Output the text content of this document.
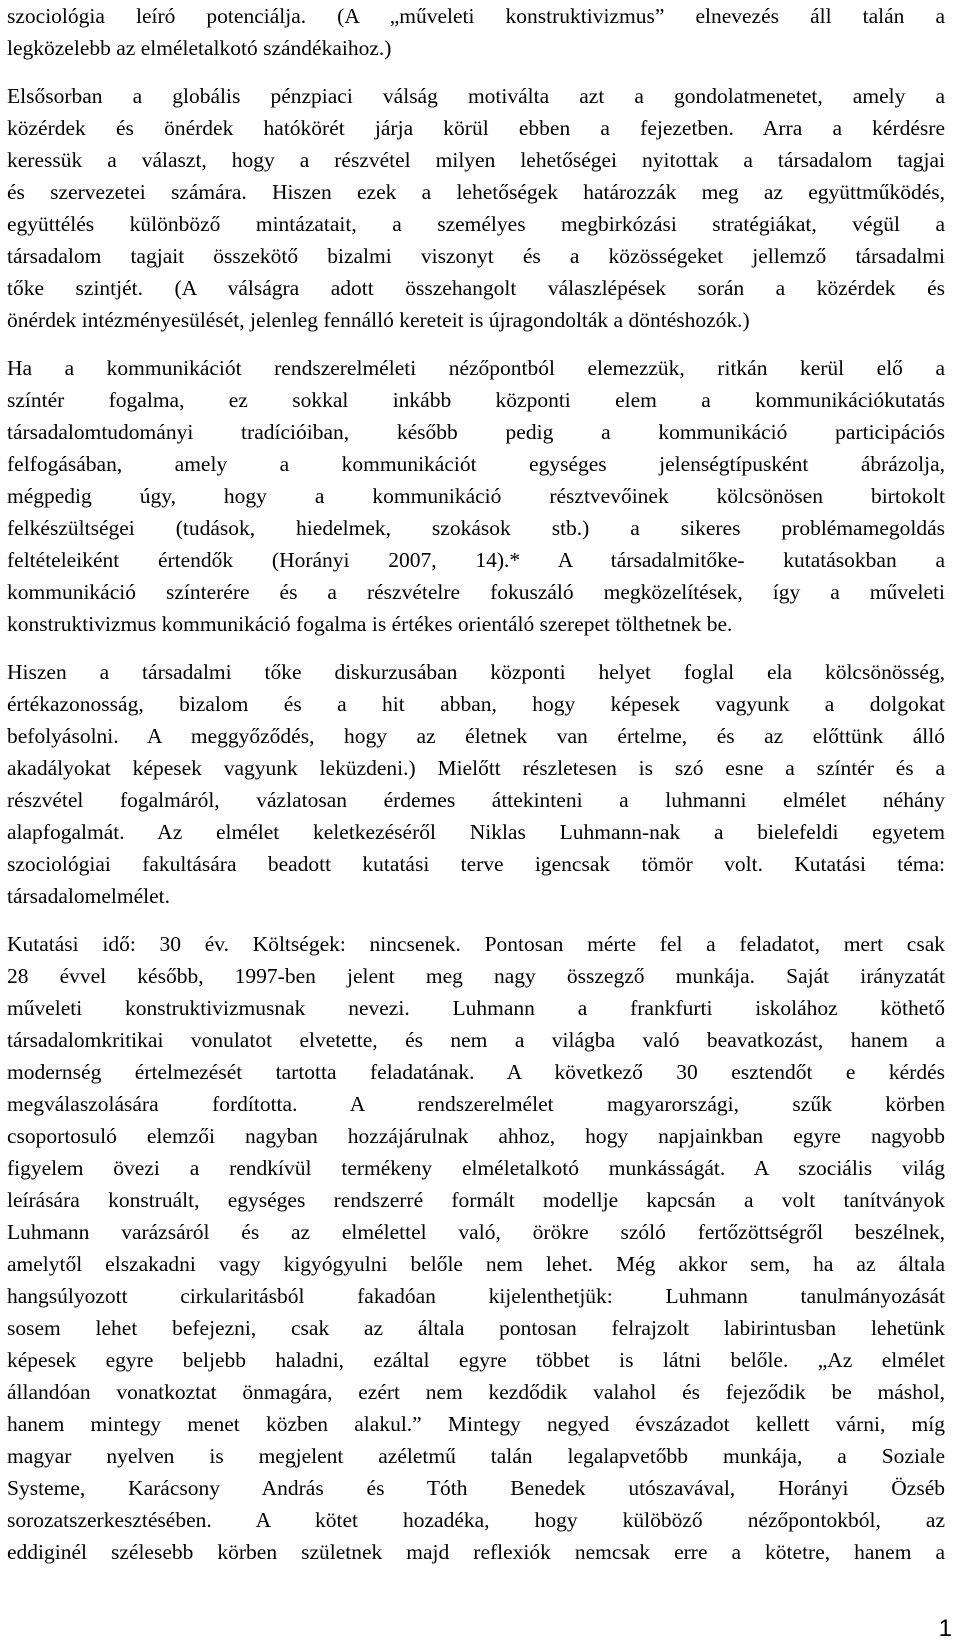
szociológia leíró potenciálja. (A „műveleti konstruktivizmus” elnevezés áll talán a
legközelebb az elméletalkotó szándékaihoz.)

Elsősorban a globális pénzpiaci válság motiválta azt a gondolatmenetet, amely a
közérdek és önérdek hatókörét járja körül ebben a fejezetben. Arra a kérdésre
keressük a választ, hogy a részvétel milyen lehetőségei nyitottak a társadalom tagjai
és szervezetei számára. Hiszen ezek a lehetőségek határozzák meg az együttműködés,
együttélés különböző mintázatait, a személyes megbirkózási stratégiákat, végül a
társadalom tagjait összekötő bizalmi viszonyt és a közösségeket jellemző társadalmi
tőke szintjét. (A válságra adott összehangolt válaszlépések során a közérdek és
önérdek intézményesülését, jelenleg fennálló kereteit is újragondolták a döntéshozók.)

Ha a kommunikációt rendszerelméleti nézőpontból elemezzük, ritkán kerül elő a
színtér fogalma, ez sokkal inkább központi elem a kommunikációkutatás
társadalomtudományi tradícióiban, később pedig a kommunikáció participációs
felfogásában, amely a kommunikációt egységes jelenségtípusként ábrázolja,
mégpedig úgy, hogy a kommunikáció résztvevőinek kölcsönösen birtokolt
felkészültségei (tudások, hiedelmek, szokások stb.) a sikeres problémamegoldás
feltételeiként értendők (Horányi 2007, 14).* A társadalmitőke- kutatásokban a
kommunikáció színterére és a részvételre fokuszáló megközelítések, így a műveleti
konstruktivizmus kommunikáció fogalma is értékes orientáló szerepet tölthetnek be.

Hiszen a társadalmi tőke diskurzusában központi helyet foglal ela kölcsönösség,
értékazonosság, bizalom és a hit abban, hogy képesek vagyunk a dolgokat
befolyásolni. A meggyőződés, hogy az életnek van értelme, és az előttünk álló
akadályokat képesek vagyunk leküzdeni.) Mielőtt részletesen is szó esne a színtér és a
részvétel fogalmáról, vázlatosan érdemes áttekinteni a luhmanni elmélet néhány
alapfogalmát. Az elmélet keletkezéséről Niklas Luhmann-nak a bielefeldi egyetem
szociológiai fakultására beadott kutatási terve igencsak tömör volt. Kutatási téma:
társadalomelmélet.

Kutatási idő: 30 év. Költségek: nincsenek. Pontosan mérte fel a feladatot, mert csak
28 évvel később, 1997-ben jelent meg nagy összegző munkája. Saját irányzatát
műveleti konstruktivizmusnak nevezi. Luhmann a frankfurti iskolához köthető
társadalomkritikai vonulatot elvetette, és nem a világba való beavatkozást, hanem a
modernség értelmezését tartotta feladatának. A következő 30 esztendőt e kérdés
megválaszolására fordította. A rendszerelmélet magyarországi, szűk körben
csoportosuló elemzői nagyban hozzájárulnak ahhoz, hogy napjainkban egyre nagyobb
figyelem övezi a rendkívül termékeny elméletalkotó munkásságát. A szociális világ
leírására konstruált, egységes rendszerré formált modellje kapcsán a volt tanítványok
Luhmann varázsáról és az elmélettel való, örökre szóló fertőzöttségről beszélnek,
amelytől elszakadni vagy kigyógyulni belőle nem lehet. Még akkor sem, ha az általa
hangsúlyozott cirkularitásból fakadóan kijelenthetjük: Luhmann tanulmányozását
sosem lehet befejezni, csak az általa pontosan felrajzolt labirintusban lehetünk
képesek egyre beljebb haladni, ezáltal egyre többet is látni belőle. „Az elmélet
állandóan vonatkoztat önmagára, ezért nem kezdődik valahol és fejeződik be máshol,
hanem mintegy menet közben alakul.” Mintegy negyed évszázadot kellett várni, míg
magyar nyelven is megjelent azéletmű talán legalapvetőbb munkája, a Soziale
Systeme, Karácsony András és Tóth Benedek utószavával, Horányi Özséb
sorozatszerkesztésében. A kötet hozadéka, hogy külöböző nézőpontokból, az
eddiginél szélesebb körben születnek majd reflexiók nemcsak erre a kötetre, hanem a

1
